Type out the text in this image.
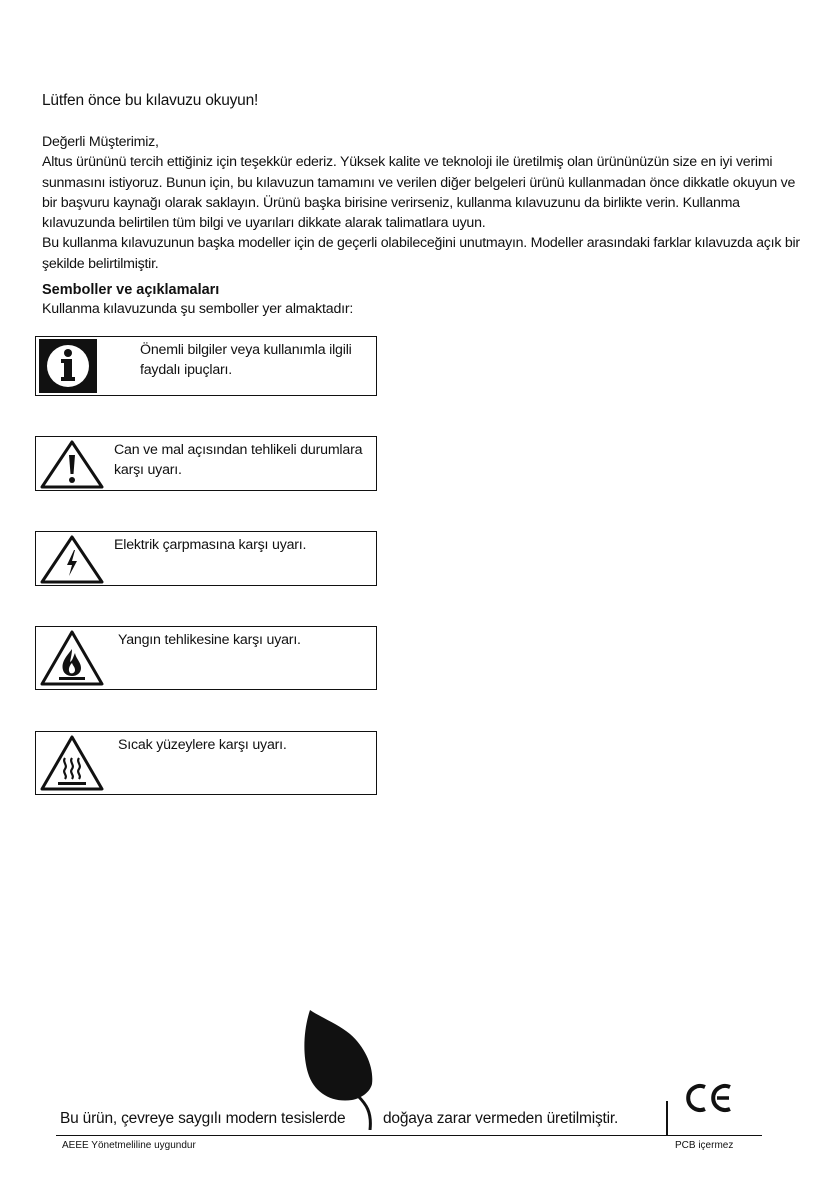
Lütfen önce bu kılavuzu okuyun!

Değerli Müşterimiz,

Altus ürününü tercih ettiğiniz için teşekkür ederiz. Yüksek kalite ve teknoloji ile üretilmiş olan ürününüzün size en iyi verimi sunmasını istiyoruz. Bunun için, bu kılavuzun tamamını ve verilen diğer belgeleri ürünü kullanmadan önce dikkatle okuyun ve bir başvuru kaynağı olarak saklayın. Ürünü başka birisine verirseniz, kullanma kılavuzunu da birlikte verin. Kullanma kılavuzunda belirtilen tüm bilgi ve uyarıları dikkate alarak talimatlara uyun.

Bu kullanma kılavuzunun başka modeller için de geçerli olabileceğini unutmayın. Modeller arasındaki farklar kılavuzda açık bir şekilde belirtilmiştir.

Semboller ve açıklamaları
Kullanma kılavuzunda şu semboller yer almaktadır:
Önemli bilgiler veya kullanımla ilgili faydalı ipuçları.
Can ve mal açısından tehlikeli durumlara karşı uyarı.
Elektrik çarpmasına karşı uyarı.
Yangın tehlikesine karşı uyarı.
Sıcak yüzeylere karşı uyarı.
Bu ürün, çevreye saygılı modern tesislerde doğaya zarar vermeden üretilmiştir.
AEEE Yönetmeliline uygundur	PCB içermez
